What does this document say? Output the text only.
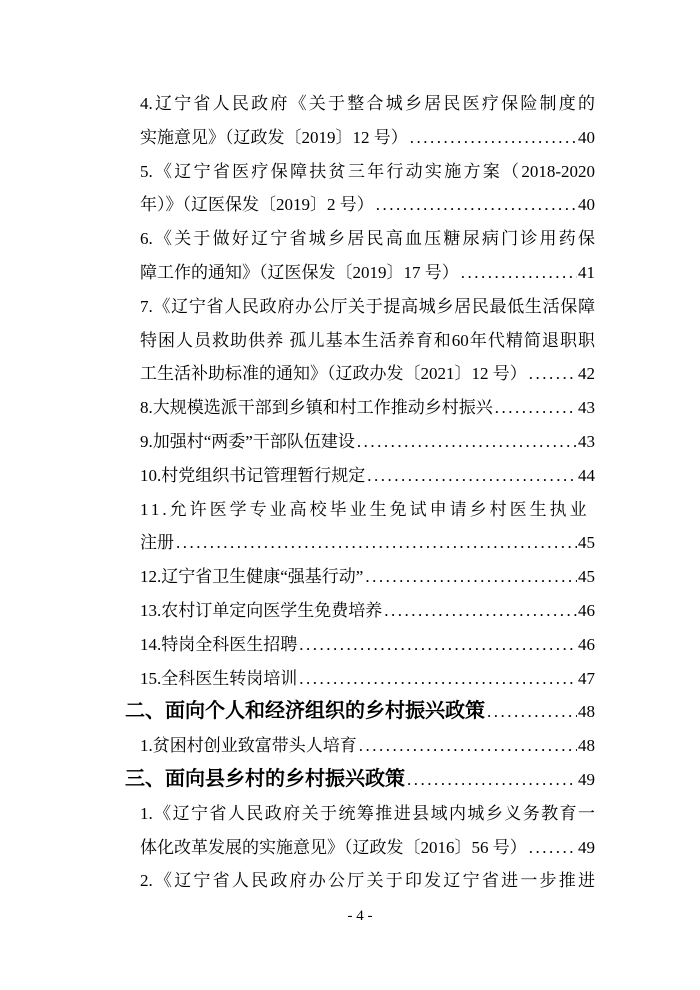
4.辽宁省人民政府《关于整合城乡居民医疗保险制度的
实施意见》（辽政发〔2019〕12 号） .....	40
5.《辽宁省医疗保障扶贫三年行动实施方案（2018-2020
年）》（辽医保发〔2019〕2 号） .....	40
6.《关于做好辽宁省城乡居民高血压糖尿病门诊用药保
障工作的通知》（辽医保发〔2019〕17 号） .....	41
7.《辽宁省人民政府办公厅关于提高城乡居民最低生活保障
特困人员救助供养 孤儿基本生活养育和60年代精简退职职
工生活补助标准的通知》（辽政办发〔2021〕12 号） .....	42
8.大规模选派干部到乡镇和村工作推动乡村振兴 .....	43
9.加强村“两委”干部队伍建设 .....	43
10.村党组织书记管理暂行规定 .....	44
11.允许医学专业高校毕业生免试申请乡村医生执业
注册 .....	45
12.辽宁省卫生健康“强基行动” .....	45
13.农村订单定向医学生免费培养 .....	46
14.特岗全科医生招聘 .....	46
15.全科医生转岗培训 .....	47
二、面向个人和经济组织的乡村振兴政策 .....	48
1.贫困村创业致富带头人培育 .....	48
三、面向县乡村的乡村振兴政策 .....	49
1.《辽宁省人民政府关于统筹推进县域内城乡义务教育一
体化改革发展的实施意见》（辽政发〔2016〕56 号） .....	49
2.《辽宁省人民政府办公厅关于印发辽宁省进一步推进
- 4 -
